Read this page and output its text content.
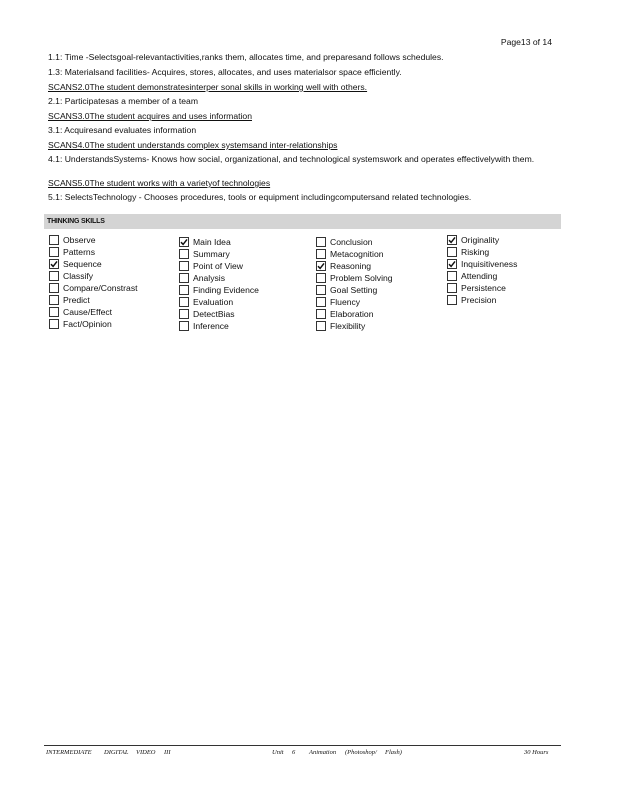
Page13 of 14
1.1: Time -Selectsgoal-relevantactivities,ranks them, allocates time, and preparesand follows schedules.
1.3: Materialsand facilities- Acquires, stores, allocates, and uses materialsor space efficiently.
SCANS2.0The student demonstratesinterper sonal skills in working well with others.
2.1: Participatesas a member of a team
SCANS3.0The student acquires and uses information
3.1: Acquiresand evaluates information
SCANS4.0The student understands complex systemsand inter-relationships
4.1: UnderstandsSystems- Knows how social, organizational, and technological systemswork and operates effectivelywith them.
SCANS5.0The student works with a varietyof technologies
5.1: SelectsTechnology - Chooses procedures, tools or equipment includingcomputersand related technologies.
THINKING SKILLS
Observe
Patterns
Sequence
Classify
Compare/Constrast
Predict
Cause/Effect
Fact/Opinion
Main Idea
Summary
Point of View
Analysis
Finding Evidence
Evaluation
DetectBias
Inference
Conclusion
Metacognition
Reasoning
Problem Solving
Goal Setting
Fluency
Elaboration
Flexibility
Originality
Risking
Inquisitiveness
Attending
Persistence
Precision
INTERMEDIATE DIGITAL VIDEO III	Unit 6 Animation (Photoshop/ Flash)	30 Hours
